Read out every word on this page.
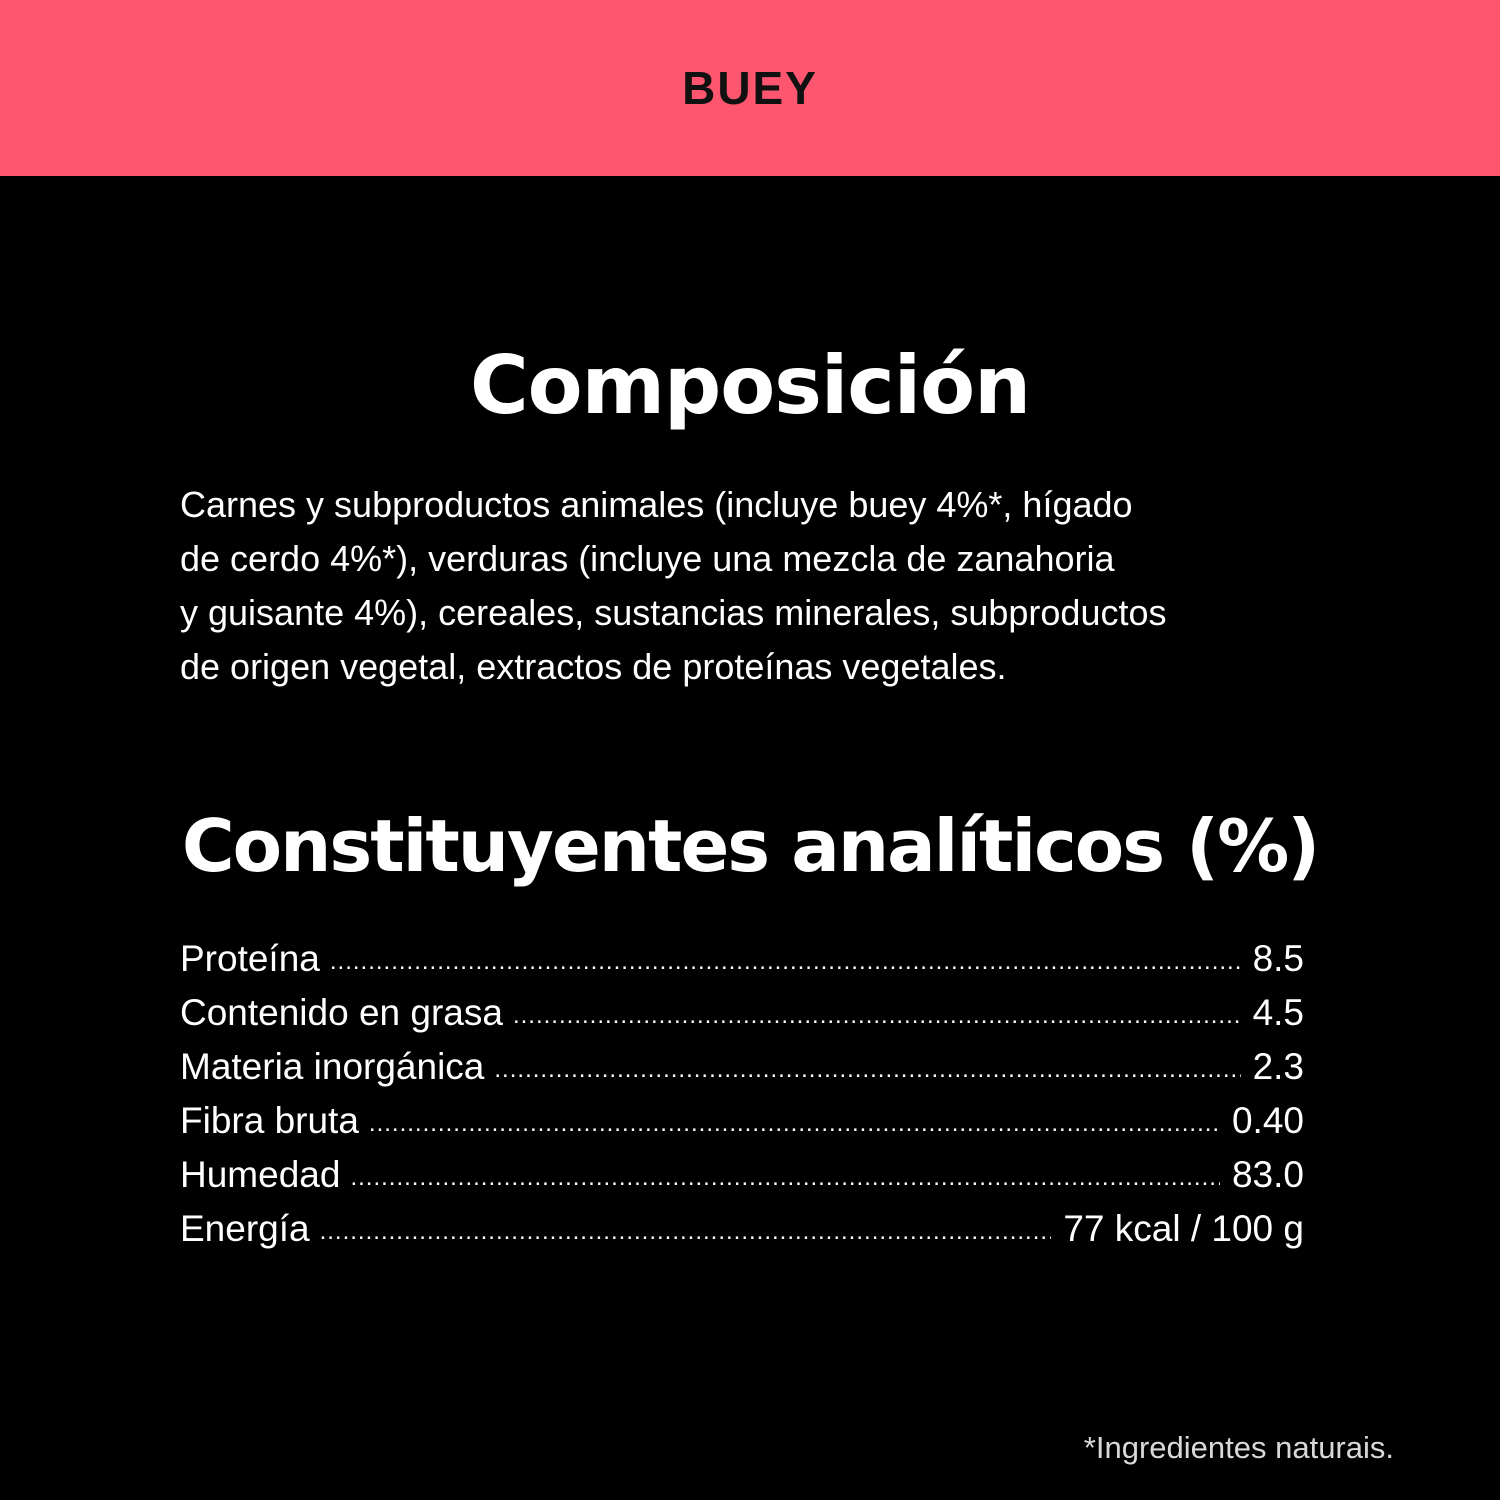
BUEY
Composición

Carnes y subproductos animales (incluye buey 4%*, hígado
de cerdo 4%*), verduras (incluye una mezcla de zanahoria
y guisante 4%), cereales, sustancias minerales, subproductos
de origen vegetal, extractos de proteínas vegetales.

Constituyentes analíticos (%)
Proteína .....	8.5
Contenido en grasa .....	4.5
Materia inorgánica .....	2.3
Fibra bruta .....	0.40
Humedad .....	83.0
Energía .....	77 kcal / 100 g
*Ingredientes naturais.
